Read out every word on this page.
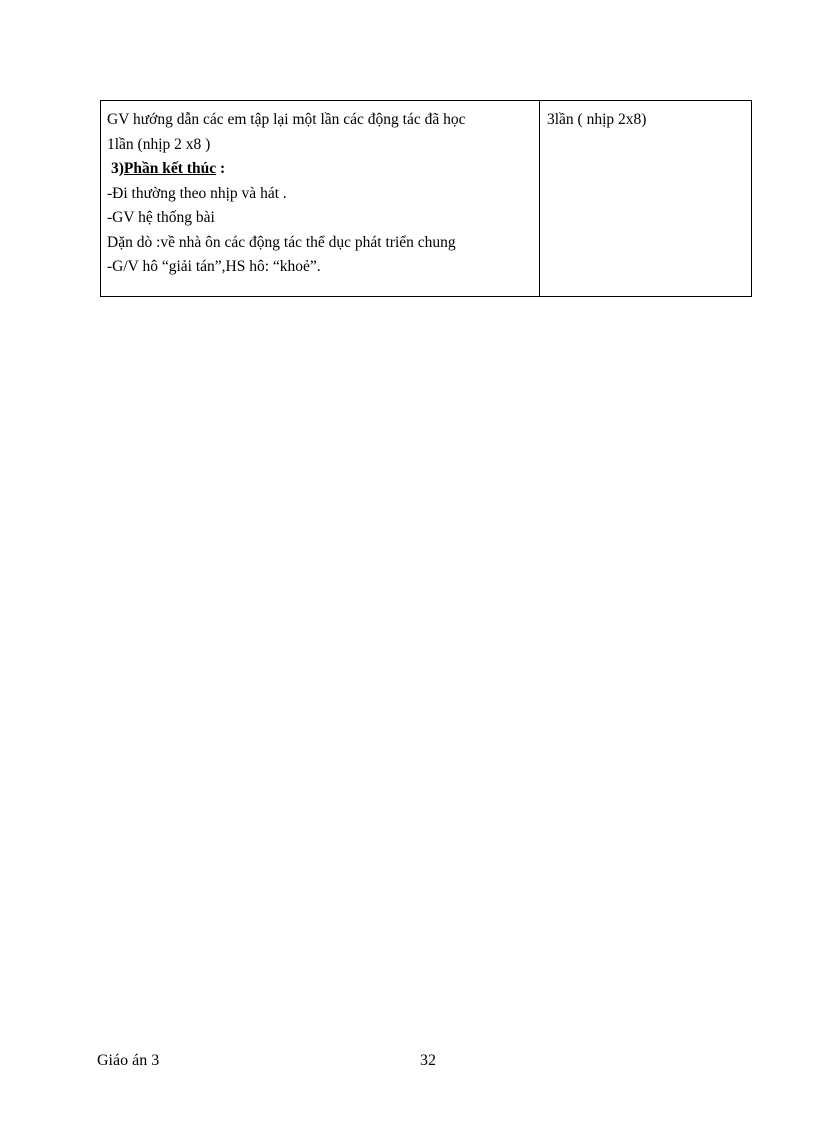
GV hướng dẫn các em tập lại một lần các động tác đã học
1lần (nhịp 2 x8 )
3)Phần kết thúc :
-Đi thường theo nhịp và hát .
-GV hệ thống bài
Dặn dò :về nhà ôn các động tác thể dục phát triển chung
-G/V hô “giải tán”,HS hô: “khoẻ”.
3lần ( nhịp 2x8)
Giáo án 3	32
